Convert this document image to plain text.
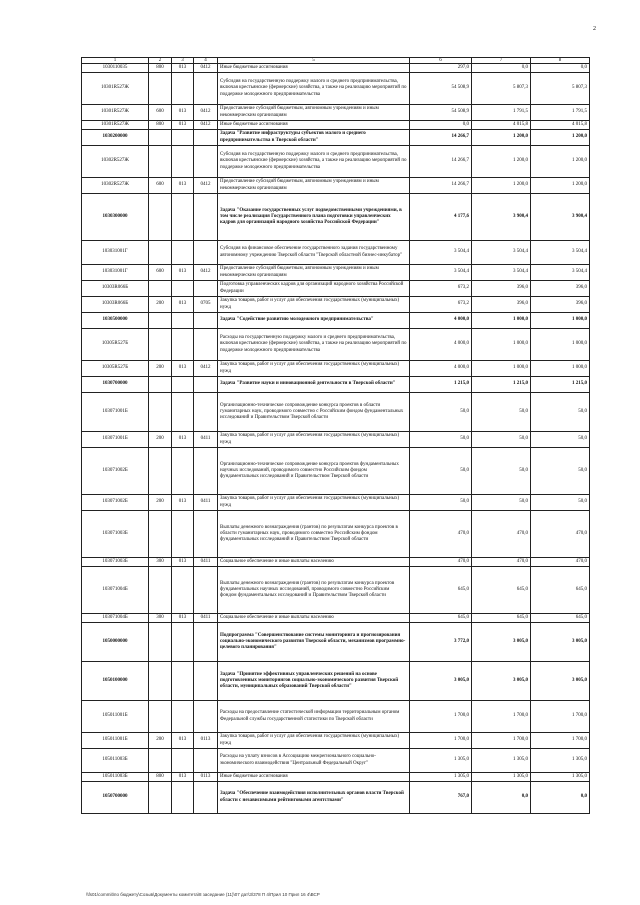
2
1	2	3	4	5	6	7	8
1030110035	800	013	0412	Иные бюджетные ассигнования	297,0	0,0	0,0
10301R527Ж				Субсидия на государственную поддержку малого и среднего предпринимательства, включая крестьянские (фермерские) хозяйства, а также на реализацию мероприятий по поддержке молодежного предпринимательства	54 508,9	5 807,3	5 807,3
10301R527Ж	600	013	0412	Предоставление субсидий бюджетным, автономным учреждениям и иным некоммерческим организациям	54 508,9	1 791,5	1 791,5
10301R527Ж	800	013	0412	Иные бюджетные ассигнования	0,0	4 015,8	4 015,8
1030200000				Задача "Развитие инфраструктуры субъектов малого и среднего предпринимательства в Тверской области"	14 266,7	1 200,0	1 200,0
10302R527Ж				Субсидия на государственную поддержку малого и среднего предпринимательства, включая крестьянские (фермерские) хозяйства, а также на реализацию мероприятий по поддержке молодежного предпринимательства	14 266,7	1 200,0	1 200,0
10302R527Ж	600	013	0412	Предоставление субсидий бюджетным, автономным учреждениям и иным некоммерческим организациям	14 266,7	1 200,0	1 200,0
1030300000				Задача "Оказание государственных услуг подведомственными учреждениями, в том числе реализация Государственного плана подготовки управленческих кадров для организаций народного хозяйства Российской Федерации"	4 177,6	3 900,4	3 900,4
103031001Г				Субсидия на финансовое обеспечение государственного задания государственному автономному учреждению Тверской области "Тверской областной бизнес-инкубатор"	3 504,4	3 504,4	3 504,4
103031001Г	600	013	0412	Предоставление субсидий бюджетным, автономным учреждениям и иным некоммерческим организациям	3 504,4	3 504,4	3 504,4
10303R066Б				Подготовка управленческих кадров для организаций народного хозяйства Российской Федерации	673,2	396,0	396,0
10303R066Б	200	013	0705	Закупка товаров, работ и услуг для обеспечения государственных (муниципальных) нужд	673,2	396,0	396,0
1030500000				Задача "Содействие развитию молодежного предпринимательства"	4 000,0	1 000,0	1 000,0
10305R527Б				Расходы на государственную поддержку малого и среднего предпринимательства, включая крестьянские (фермерские) хозяйства, а также на реализацию мероприятий по поддержке молодежного предпринимательства	4 000,0	1 000,0	1 000,0
10305R527Б	200	013	0412	Закупка товаров, работ и услуг для обеспечения государственных (муниципальных) нужд	4 000,0	1 000,0	1 000,0
1030700000				Задача "Развитие науки и инновационной деятельности в Тверской области"	1 215,0	1 215,0	1 215,0
103071001Б				Организационно-техническое сопровождение конкурса проектов в области гуманитарных наук, проводимого совместно с Российским фондом фундаментальных исследований и Правительством Тверской области	50,0	50,0	50,0
103071001Б	200	013	0411	Закупка товаров, работ и услуг для обеспечения государственных (муниципальных) нужд	50,0	50,0	50,0
103071002Б				Организационно-техническое сопровождение конкурса проектов фундаментальных научных исследований, проводимого совместно Российским фондом фундаментальных исследований и Правительством Тверской области	50,0	50,0	50,0
103071002Б	200	013	0411	Закупка товаров, работ и услуг для обеспечения государственных (муниципальных) нужд	50,0	50,0	50,0
103071003Б				Выплаты денежного вознаграждения (грантов) по результатам конкурса проектов в области гуманитарных наук, проводимого совместно Российским фондом фундаментальных исследований и Правительством Тверской области	470,0	470,0	470,0
103071003Б	300	013	0411	Социальное обеспечение и иные выплаты населению	470,0	470,0	470,0
103071004Б				Выплаты денежного вознаграждения (грантов) по результатам конкурса проектов фундаментальных научных исследований, проводимого совместно Российским фондом фундаментальных исследований и Правительством Тверской области	645,0	645,0	645,0
103071004Б	300	013	0411	Социальное обеспечение и иные выплаты населению	645,0	645,0	645,0
1050000000				Подпрограмма "Совершенствование системы мониторинга и прогнозирования социально-экономического развития Тверской области, механизмов программно-целевого планирования"	3 772,0	3 005,0	3 005,0
1050100000				Задача "Принятие эффективных управленческих решений на основе подготовленных мониторингов социально-экономического развития Тверской области, муниципальных образований Тверской области"	3 005,0	3 005,0	3 005,0
105011001Б				Расходы на предоставление статистической информации территориальным органом Федеральной службы государственной статистики по Тверской области	1 700,0	1 700,0	1 700,0
105011001Б	200	013	0113	Закупка товаров, работ и услуг для обеспечения государственных (муниципальных) нужд	1 700,0	1 700,0	1 700,0
105011003Б				Расходы на уплату взносов в Ассоциацию межрегионального социально-экономического взаимодействия "Центральный Федеральный Округ"	1 305,0	1 305,0	1 305,0
105011003Б	800	013	0113	Иные бюджетные ассигнования	1 305,0	1 305,0	1 305,0
1050700000				Задача "Обеспечение взаимодействия исполнительных органов власти Тверской области с независимыми рейтинговыми агентствами"	767,0	0,0	0,0
\\fs01\commit\по бюджету\Созыв\Документы комитета\8 заседание (11)\07 дат\3\378 П 4\Прил 10 Прил 16 4\ВСР
